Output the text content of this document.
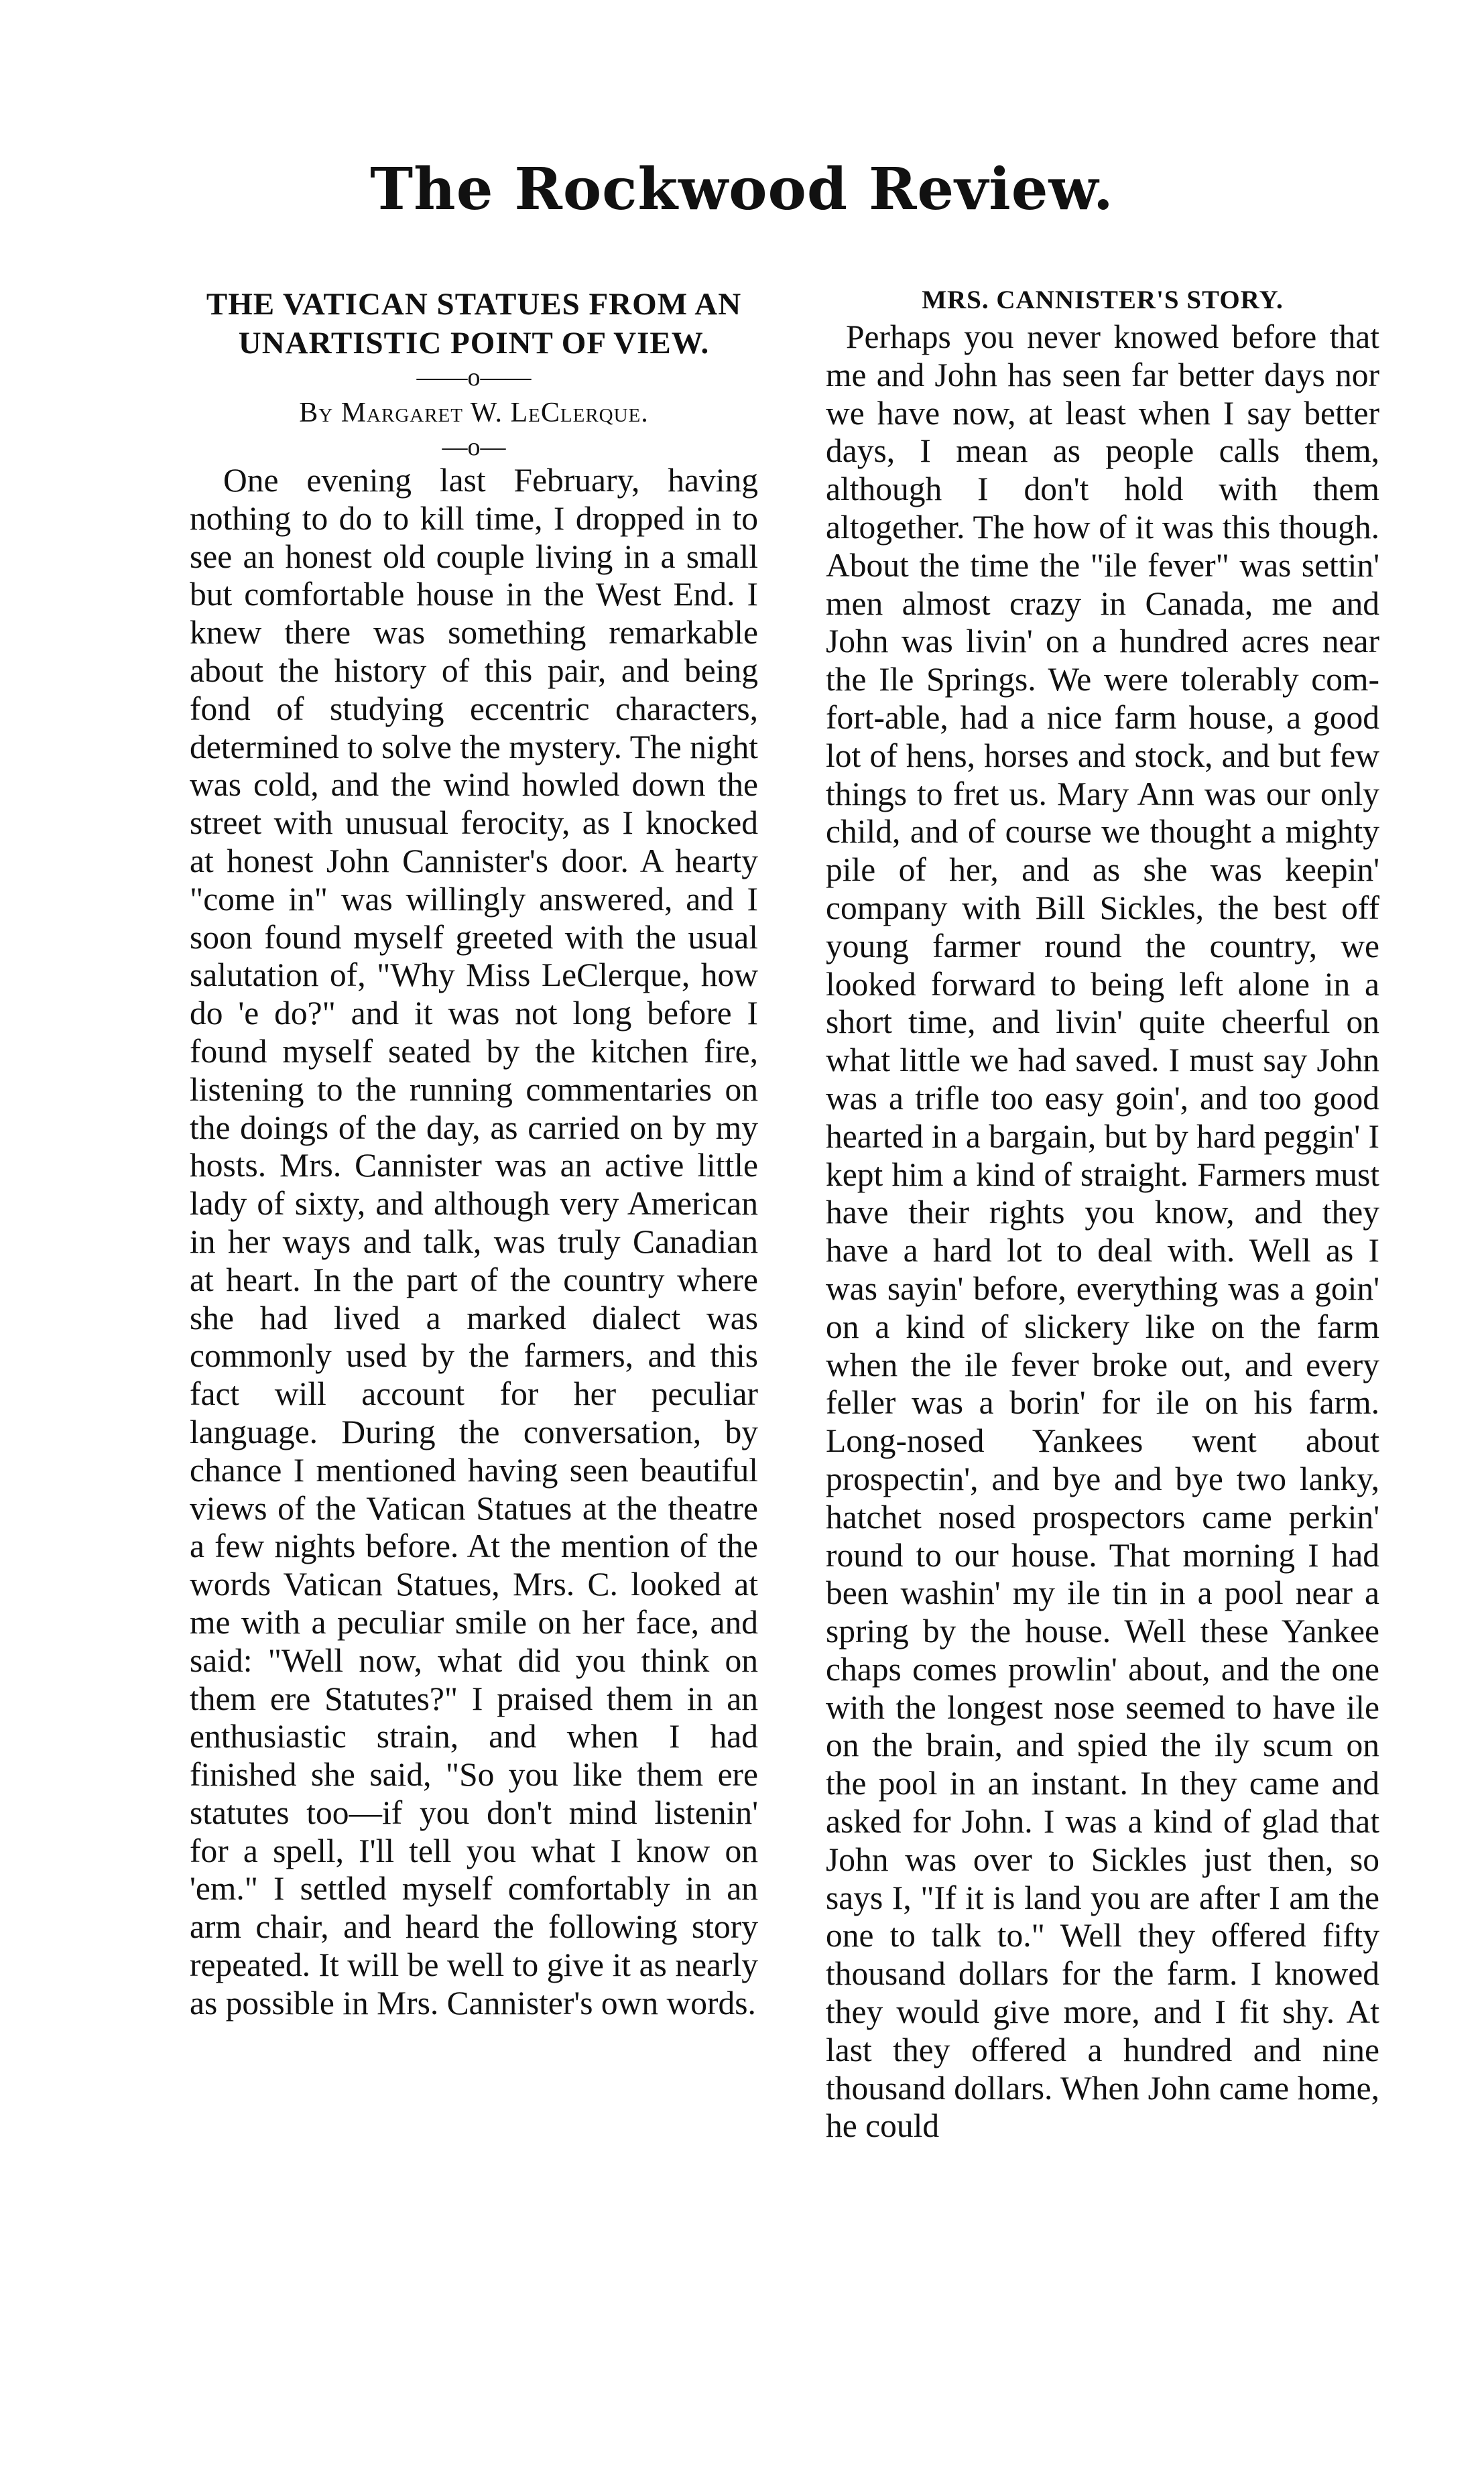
The Rockwood Review.
THE VATICAN STATUES FROM AN
UNARTISTIC POINT OF VIEW.

——o——

By Margaret W. LeClerque.

—o—

One evening last February, having nothing to do to kill time, I dropped in to see an honest old couple living in a small but comfortable house in the West End. I knew there was something remarkable about the history of this pair, and being fond of studying eccentric characters, determined to solve the mystery. The night was cold, and the wind howled down the street with unusual ferocity, as I knocked at honest John Cannister's door. A hearty "come in" was willingly answered, and I soon found myself greeted with the usual salutation of, "Why Miss LeClerque, how do 'e do?" and it was not long before I found myself seated by the kitchen fire, listening to the running commentaries on the doings of the day, as carried on by my hosts. Mrs. Cannister was an active little lady of sixty, and although very American in her ways and talk, was truly Canadian at heart. In the part of the country where she had lived a marked dialect was commonly used by the farmers, and this fact will account for her peculiar language. During the conversation, by chance I mentioned having seen beautiful views of the Vatican Statues at the theatre a few nights before. At the mention of the words Vatican Statues, Mrs. C. looked at me with a peculiar smile on her face, and said: "Well now, what did you think on them ere Statutes?" I praised them in an enthusiastic strain, and when I had finished she said, "So you like them ere statutes too—if you don't mind listenin' for a spell, I'll tell you what I know on 'em." I settled myself comfortably in an arm chair, and heard the following story repeated. It will be well to give it as nearly as possible in Mrs. Cannister's own words.

MRS. CANNISTER'S STORY.

Perhaps you never knowed before that me and John has seen far better days nor we have now, at least when I say better days, I mean as people calls them, although I don't hold with them altogether. The how of it was this though. About the time the "ile fever" was settin' men almost crazy in Canada, me and John was livin' on a hundred acres near the Ile Springs. We were tolerably com-fort-able, had a nice farm house, a good lot of hens, horses and stock, and but few things to fret us. Mary Ann was our only child, and of course we thought a mighty pile of her, and as she was keepin' company with Bill Sickles, the best off young farmer round the country, we looked forward to being left alone in a short time, and livin' quite cheerful on what little we had saved. I must say John was a trifle too easy goin', and too good hearted in a bargain, but by hard peggin' I kept him a kind of straight. Farmers must have their rights you know, and they have a hard lot to deal with. Well as I was sayin' before, everything was a goin' on a kind of slickery like on the farm when the ile fever broke out, and every feller was a borin' for ile on his farm. Long-nosed Yankees went about prospectin', and bye and bye two lanky, hatchet nosed prospectors came perkin' round to our house. That morning I had been washin' my ile tin in a pool near a spring by the house. Well these Yankee chaps comes prowlin' about, and the one with the longest nose seemed to have ile on the brain, and spied the ily scum on the pool in an instant. In they came and asked for John. I was a kind of glad that John was over to Sickles just then, so says I, "If it is land you are after I am the one to talk to." Well they offered fifty thousand dollars for the farm. I knowed they would give more, and I fit shy. At last they offered a hundred and nine thousand dollars. When John came home, he could
